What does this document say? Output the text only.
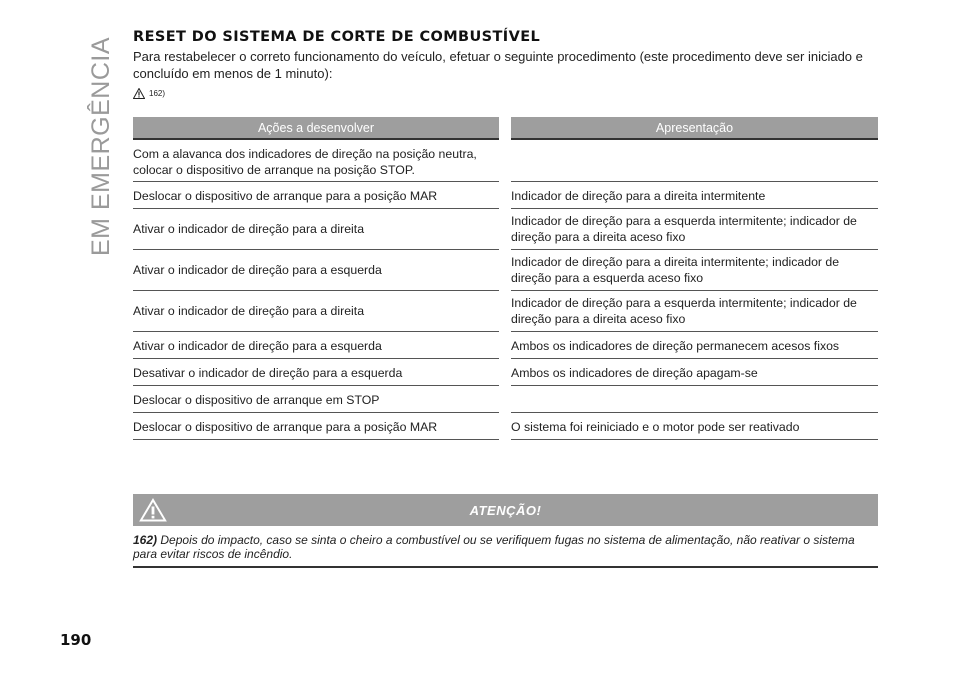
EM EMERGÊNCIA RESET DO SISTEMA DE CORTE DE COMBUSTÍVEL
Para restabelecer o correto funcionamento do veículo, efetuar o seguinte procedimento (este procedimento deve ser iniciado e concluído em menos de 1 minuto):
162)
Ações a desenvolver		Apresentação
Com a alavanca dos indicadores de direção na posição neutra, colocar o dispositivo de arranque na posição STOP.		
Deslocar o dispositivo de arranque para a posição MAR		Indicador de direção para a direita intermitente
Ativar o indicador de direção para a direita		Indicador de direção para a esquerda intermitente; indicador de direção para a direita aceso fixo
Ativar o indicador de direção para a esquerda		Indicador de direção para a direita intermitente; indicador de direção para a esquerda aceso fixo
Ativar o indicador de direção para a direita		Indicador de direção para a esquerda intermitente; indicador de direção para a direita aceso fixo
Ativar o indicador de direção para a esquerda		Ambos os indicadores de direção permanecem acesos fixos
Desativar o indicador de direção para a esquerda		Ambos os indicadores de direção apagam-se
Deslocar o dispositivo de arranque em STOP		
Deslocar o dispositivo de arranque para a posição MAR		O sistema foi reiniciado e o motor pode ser reativado
ATENÇÃO!
162) Depois do impacto, caso se sinta o cheiro a combustível ou se verifiquem fugas no sistema de alimentação, não reativar o sistema para evitar riscos de incêndio.
190
